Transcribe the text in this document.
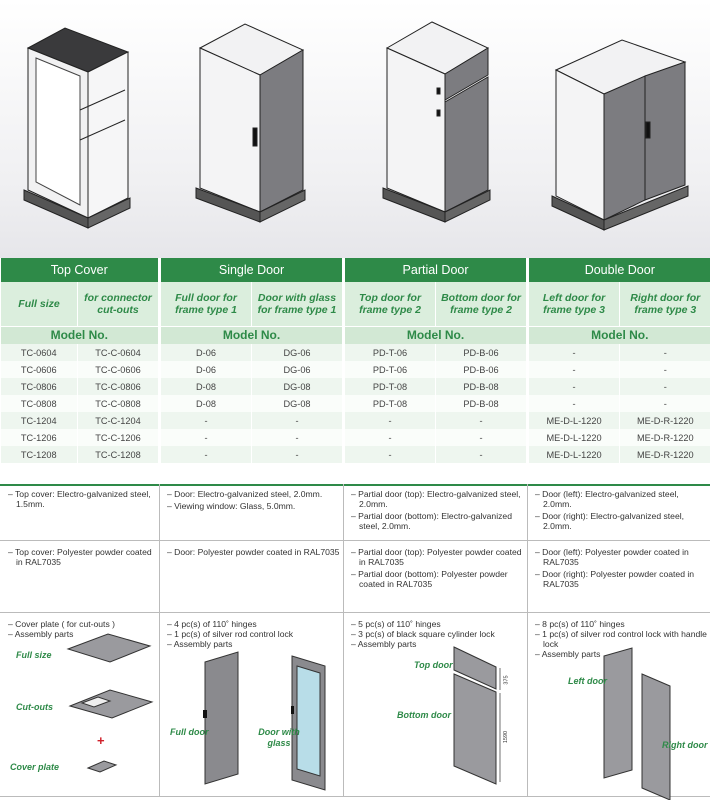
Top Cover		Single Door		Partial Door		Double Door	
Full size	for connector cut-outs	Full door for frame type 1	Door with glass for frame type 1	Top door for frame type 2	Bottom door for frame type 2	Left door for frame type 3	Right door for frame type 3
Model No.		Model No.		Model No.		Model No.	
TC-0604	TC-C-0604	D-06	DG-06	PD-T-06	PD-B-06	-	-
TC-0606	TC-C-0606	D-06	DG-06	PD-T-06	PD-B-06	-	-
TC-0806	TC-C-0806	D-08	DG-08	PD-T-08	PD-B-08	-	-
TC-0808	TC-C-0808	D-08	DG-08	PD-T-08	PD-B-08	-	-
TC-1204	TC-C-1204	-	-	-	-	ME-D-L-1220	ME-D-R-1220
TC-1206	TC-C-1206	-	-	-	-	ME-D-L-1220	ME-D-R-1220
TC-1208	TC-C-1208	-	-	-	-	ME-D-L-1220	ME-D-R-1220
– Top cover: Electro-galvanized steel, 1.5mm.
– Door: Electro-galvanized steel, 2.0mm.
– Viewing window: Glass, 5.0mm.
– Partial door (top): Electro-galvanized steel, 2.0mm.
– Partial door (bottom): Electro-galvanized steel, 2.0mm.
– Door (left): Electro-galvanized steel, 2.0mm.
– Door (right): Electro-galvanized steel, 2.0mm.
– Top cover: Polyester powder coated in RAL7035
– Door: Polyester powder coated in RAL7035 – Partial door (top): Polyester powder coated in RAL7035
– Partial door (bottom): Polyester powder coated in RAL7035
– Door (left): Polyester powder coated in RAL7035
– Door (right): Polyester powder coated in RAL7035
– Cover plate ( for cut-outs )
– Assembly parts
– 4 pc(s) of 110˚ hinges
– 1 pc(s) of silver rod control lock
– Assembly parts
– 5 pc(s) of 110˚ hinges
– 3 pc(s) of black square cylinder lock
– Assembly parts
– 8 pc(s) of 110˚ hinges
– 1 pc(s) of silver rod control lock with handle lock
– Assembly parts
Full size
Cut-outs
+
Cover plate
Full door	Door with glass
Top door
Bottom door
375
1590
Left door
Right door
